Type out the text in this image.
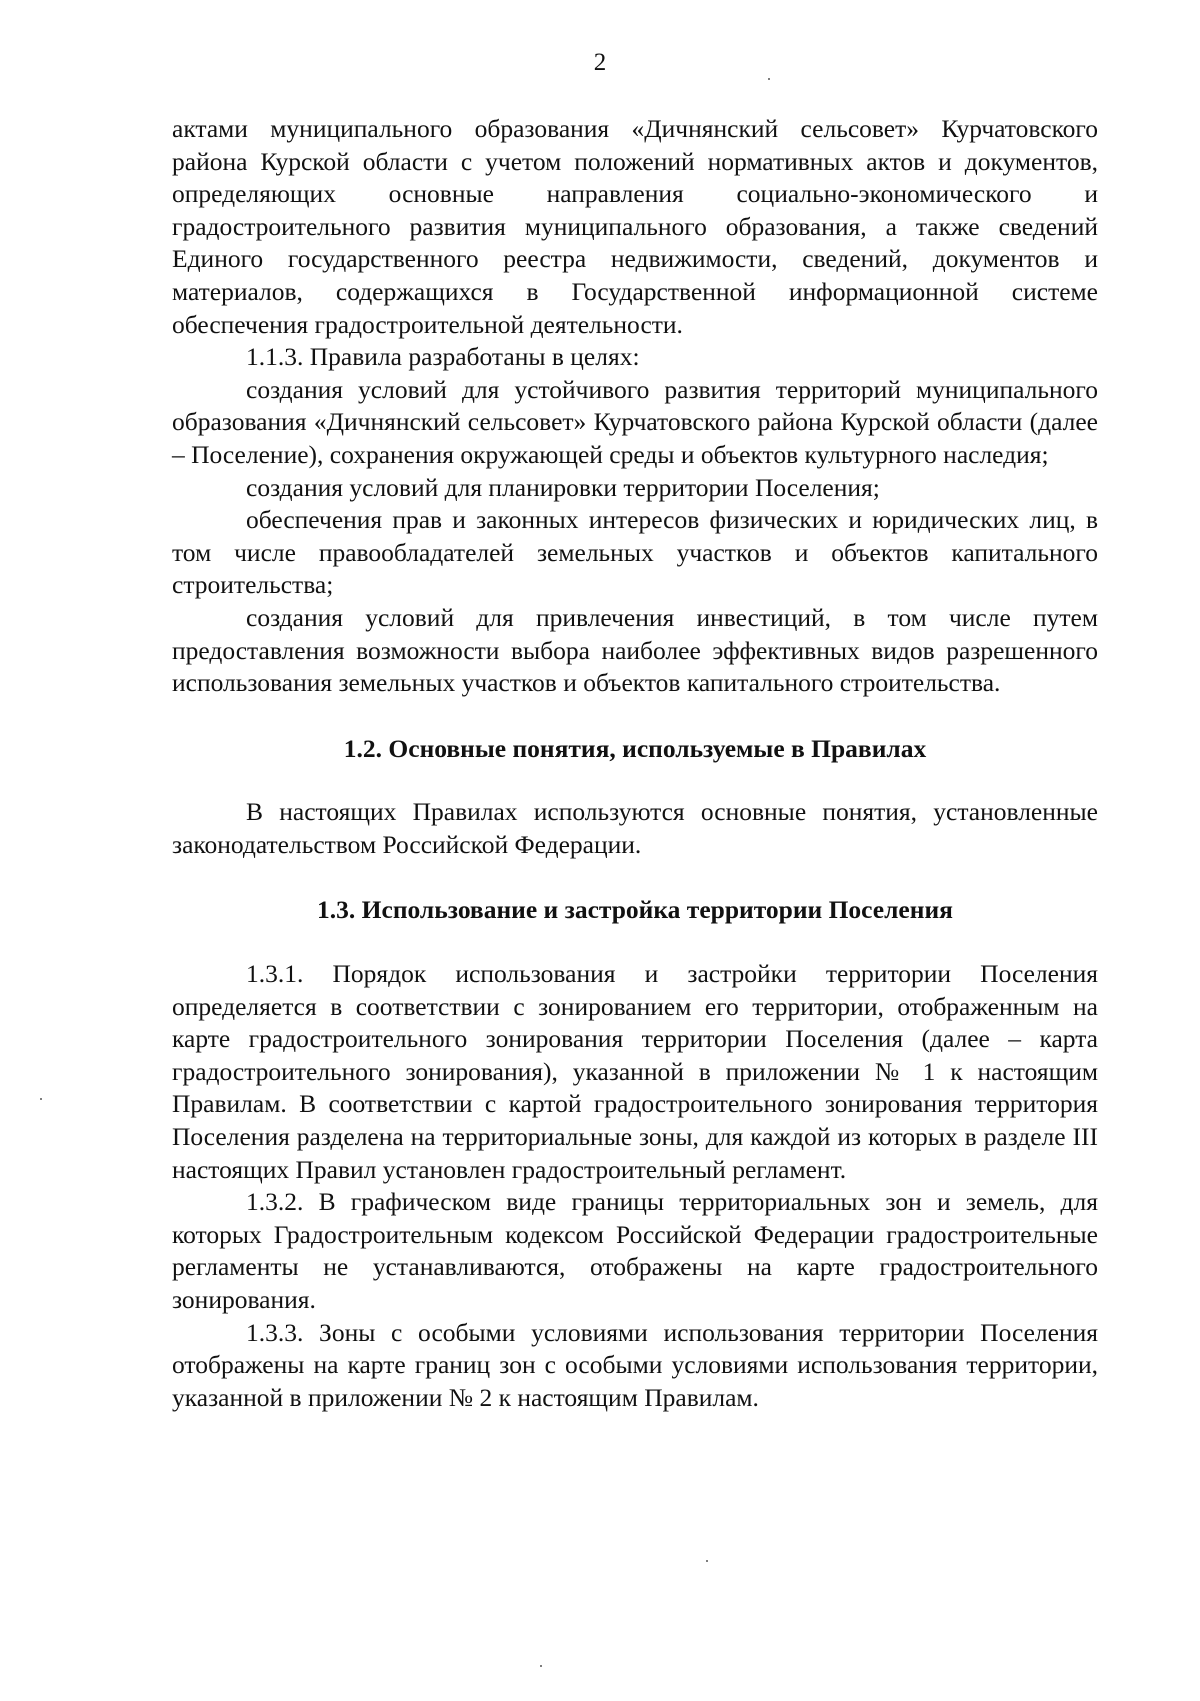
2

актами муниципального образования «Дичнянский сельсовет» Курчатовского района Курской области с учетом положений нормативных актов и документов, определяющих основные направления социально-экономического и градостроительного развития муниципального образования, а также сведений Единого государственного реестра недвижимости, сведений, документов и материалов, содержащихся в Государственной информационной системе обеспечения градостроительной деятельности.

1.1.3. Правила разработаны в целях:

создания условий для устойчивого развития территорий муниципального образования «Дичнянский сельсовет» Курчатовского района Курской области (далее – Поселение), сохранения окружающей среды и объектов культурного наследия;

создания условий для планировки территории Поселения;

обеспечения прав и законных интересов физических и юридических лиц, в том числе правообладателей земельных участков и объектов капитального строительства;

создания условий для привлечения инвестиций, в том числе путем предоставления возможности выбора наиболее эффективных видов разрешенного использования земельных участков и объектов капитального строительства.

1.2. Основные понятия, используемые в Правилах

В настоящих Правилах используются основные понятия, установленные законодательством Российской Федерации.

1.3. Использование и застройка территории Поселения

1.3.1. Порядок использования и застройки территории Поселения определяется в соответствии с зонированием его территории, отображенным на карте градостроительного зонирования территории Поселения (далее – карта градостроительного зонирования), указанной в приложении № 1 к настоящим Правилам. В соответствии с картой градостроительного зонирования территория Поселения разделена на территориальные зоны, для каждой из которых в разделе III настоящих Правил установлен градостроительный регламент.

1.3.2. В графическом виде границы территориальных зон и земель, для которых Градостроительным кодексом Российской Федерации градостроительные регламенты не устанавливаются, отображены на карте градостроительного зонирования.

1.3.3. Зоны с особыми условиями использования территории Поселения отображены на карте границ зон с особыми условиями использования территории, указанной в приложении № 2 к настоящим Правилам.
